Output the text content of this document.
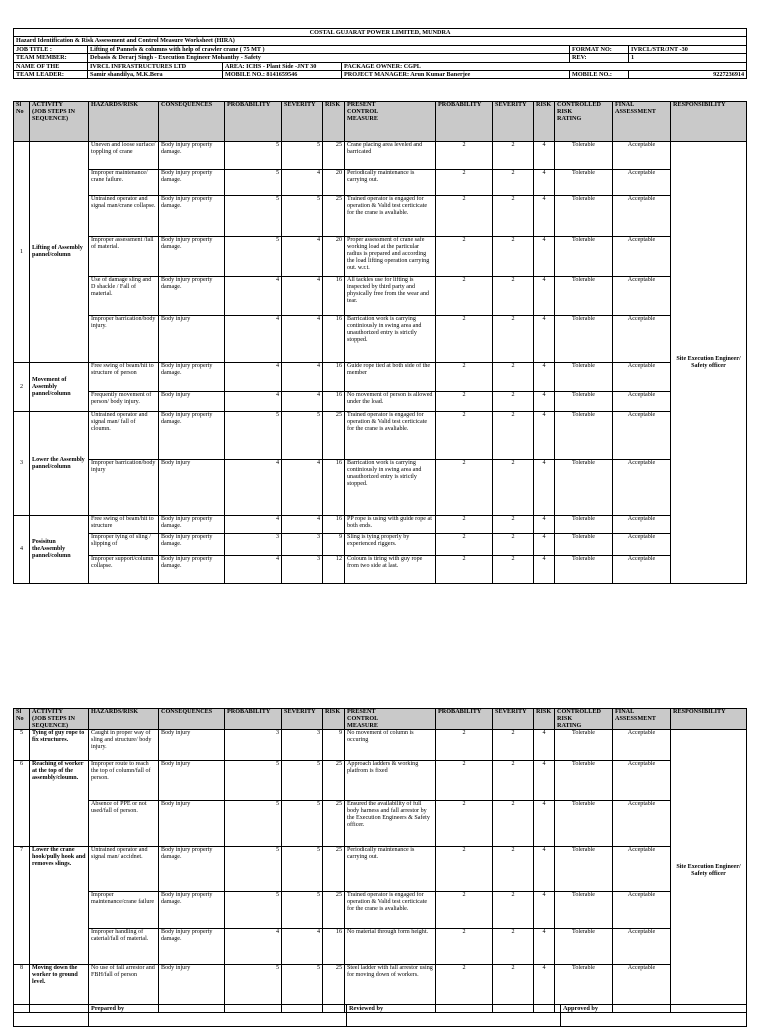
COSTAL GUJARAT POWER LIMITED, MUNDRA					
Hazard Identification & Risk Assessment and Control Measure Worksheet (HIRA)					
JOB TITLE :	Lifting of Pannels & columns with help of crawler crane ( 75 MT )			FORMAT NO:	IVRCL/STR/JNT -30
TEAM MEMBER:	Debasis & Derarj Singh - Execution Engineer Mohanthy - Safety			REV:	1
NAME OF THE	IVRCL INFRASTRUCTURES LTD	AREA: ICHS - Plant Side -JNT 30	PACKAGE OWNER: CGPL		
TEAM LEADER:	Samir shandilya, M.K.Bera	MOBILE NO.: 8141659546	PROJECT MANAGER: Arun Kumar Banerjee	MOBILE NO.:	9227236914
Sl
No	ACTIVITY
(JOB STEPS IN
SEQUENCE)	HAZARDS/RISK	CONSEQUENCES	PROBABILITY	SEVERITY	RISK	PRESENT
CONTROL
MEASURE	PROBABILITY	SEVERITY	RISK	CONTROLLED
RISK
RATING	FINAL
ASSESSMENT	RESPONSIBILITY
1	Lifting of Assembly pannel/column	Uneven and loose surface/ toppling of crane	Body injury property damage.	5	5	25	Crane placing area leveled and barricated	2	2	4	Tolerable	Acceptable	Site Execution Engineer/ Safety officer
		Improper maintenance/ crane failure.	Body injury property damage.	5	4	20	Periodically maintenance is carrying out.	2	2	4	Tolerable	Acceptable	
		Untrained operator and signal man/crane collapse.	Body injury property damage.	5	5	25	Trained operator is engaged for operation & Valid test certicicate for the crane is avaliable.	2	2	4	Tolerable	Acceptable	
		Improper assessment /fall of material.	Body injury property damage.	5	4	20	Proper assessment of crane safe working load at the particular radius is prepared and according the load lifting operation carrying out. w.r.t.	2	2	4	Tolerable	Acceptable	
		Use of damage sling and D shackle / Fall of material.	Body injury property damage.	4	4	16	All tackles use for lifting is inspected by third party and physically free from the wear and tear.	2	2	4	Tolerable	Acceptable	
		Improper barrication/body injury.	Body injury	4	4	16	Barrication work is carrying continiously in swing area and unauthorized entry is strictly stopped.	2	2	4	Tolerable	Acceptable	
2	Movement of Assembly pannel/column	Free swing of beam/hit to structure of person	Body injury property damage.	4	4	16	Guide rope tied at both side of the member	2	2	4	Tolerable	Acceptable	
		Frequently movement of person/ body injury.	Body injury	4	4	16	No movement of person is allowed under the load.	2	2	4	Tolerable	Acceptable	
3	Lower the Assembly pannel/column	Untrained operator and signal man/ fall of cloumn.	Body injury property damage.	5	5	25	Trained operator is engaged for operation & Valid test certicicate for the crane is avaliable.	2	2	4	Tolerable	Acceptable	
		Improper barrication/body injury	Body injury	4	4	16	Barrication work is carrying continiously in swing area and unauthorized entry is strictly stopped.	2	2	4	Tolerable	Acceptable	
4	Posisitun theAssembly pannel/column	Free swing of beam/hit to structure	Body injury property damage.	4	4	16	PP rope is using with guide rope at both ends.	2	2	4	Tolerable	Acceptable	
		Improper tying of sling / slipping of	Body injury property damage.	3	3	9	Sling is tying properly by experienced riggers.	2	2	4	Tolerable	Acceptable	
		Improper support/column collapse.	Body injury property damage.	4	3	12	Coloum is tiring with guy rope from two side at last.	2	2	4	Tolerable	Acceptable	
Sl
No	ACTIVITY
(JOB STEPS IN
SEQUENCE)	HAZARDS/RISK	CONSEQUENCES	PROBABILITY	SEVERITY	RISK	PRESENT
CONTROL
MEASURE	PROBABILITY	SEVERITY	RISK	CONTROLLED
RISK
RATING	FINAL
ASSESSMENT	RESPONSIBILITY
5	Tying of guy rope to fix structures.	Caught in proper way of sling and structure/ body injury.	Body injury	3	3	9	No movement of column is occuring	2	2	4	Tolerable	Acceptable	Site Execution Engineer/ Safety officer
6	Reaching of worker at the top of the assembly/cloumn.	Improper route to reach the top of column/fall of person.	Body injury	5	5	25	Approach ladders & working platfrom is fixed	2	2	4	Tolerable	Acceptable	
		Absence of PPE or not used/fall of person.	Body injury	5	5	25	Ensured the availability of full body harness and fall arrestor by the Execution Engineers & Safety officer.	2	2	4	Tolerable	Acceptable	
7	Lower the crane hook/pully hook and removes slings.	Untrained operator and signal man/ accidnet.	Body injury property damage.	5	5	25	Periodically maintenance is carrying out.	2	2	4	Tolerable	Acceptable	
		Improper maintenance/crane failure	Body injury property damage.	5	5	25	Trained operator is engaged for operation & Valid test certicicate for the crane is avaliable.	2	2	4	Tolerable	Acceptable	
		Improper handling of caterial/fall of material.	Body injury property damage.	4	4	16	No material through form height.	2	2	4	Tolerable	Acceptable	
8	Moving down the worker to ground level.	No use of fall arrestor and FBH/fall of person	Body injury	5	5	25	Steel ladder with fall arrestor using for moving down of workers.	2	2	4	Tolerable	Acceptable	
	Prepared by	Reviewed by	Approved by
